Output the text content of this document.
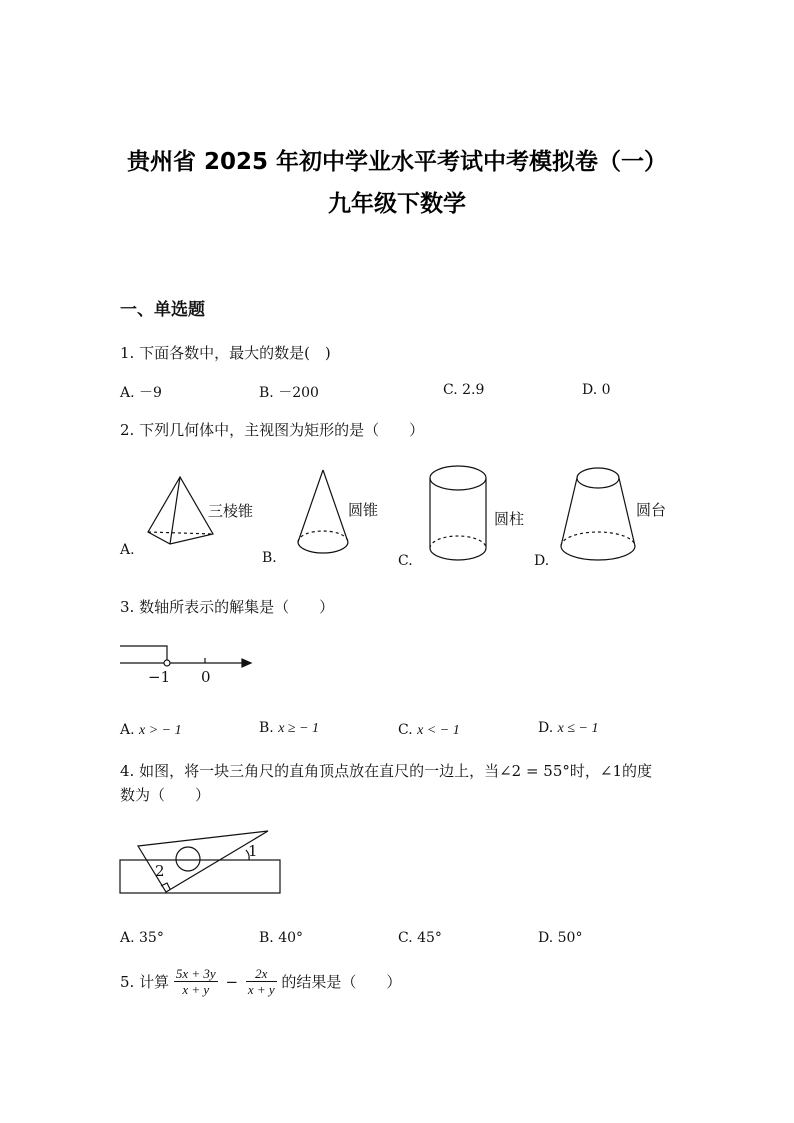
贵州省 2025 年初中学业水平考试中考模拟卷（一）
九年级下数学
一、单选题
1. 下面各数中，最大的数是(　)
A. －9	B. －200	C. 2.9	D. 0
2. 下列几何体中，主视图为矩形的是（　　）
A.
三棱锥
B.
圆锥
C.
圆柱
D.
圆台
3. 数轴所表示的解集是（　　）
−1 0
A. x > − 1	B. x ≥ − 1	C. x < − 1	D. x ≤ − 1
4. 如图，将一块三角尺的直角顶点放在直尺的一边上，当∠2 = 55°时，∠1的度
数为（　　）
1
2
A. 35°	B. 40°	C. 45°	D. 50°
5. 计算 $\frac{5x + 3y}{x + y} - \frac{2x}{x + y}$ 的结果是（　　）
